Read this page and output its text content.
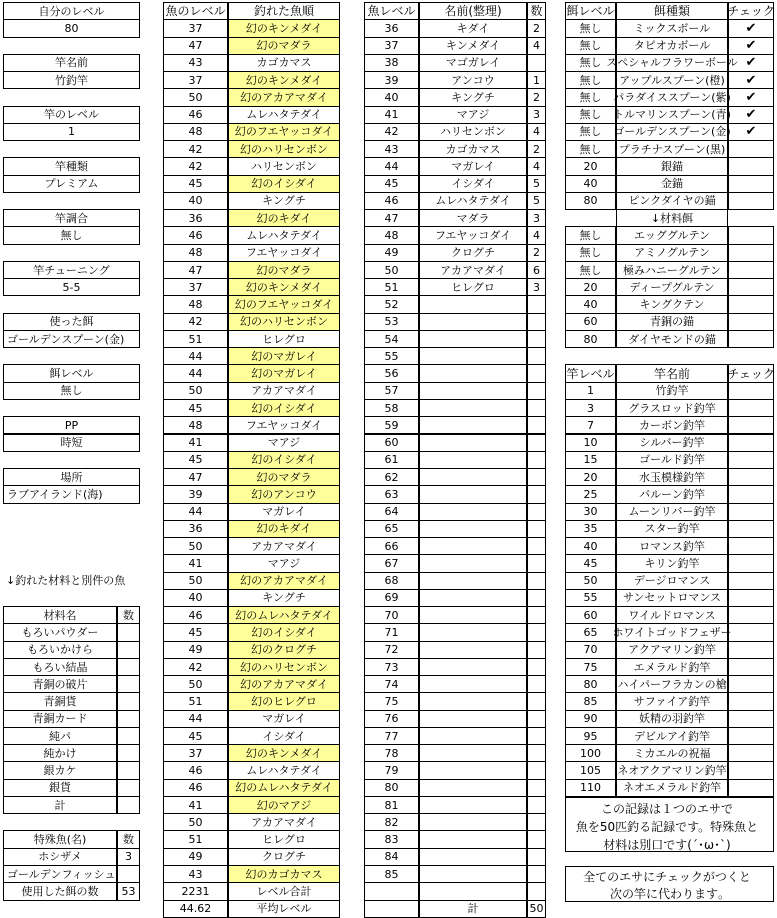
自分のレベル
80
竿名前
竹釣竿
竿のレベル
1
竿種類
プレミアム
竿調合
無し
竿チューニング
5-5
使った餌
ゴールデンスプーン(金)
餌レベル
無し
PP
時短
場所
ラブアイランド(海)
↓釣れた材料と別件の魚
材料名	数
もろいパウダー
もろいかけら
もろい結晶
青銅の破片
青銅貨
青銅カード
純パ
純かけ
銀カケ
銀貨
計
特殊魚(名)	数
ホシザメ	3
ゴールデンフィッシュ
使用した餌の数	53
魚のレベル	釣れた魚順
37	幻のキンメダイ
47	幻のマダラ
43	カゴカマス
37	幻のキンメダイ
50	幻のアカアマダイ
46	ムレハタテダイ
48	幻のフエヤッコダイ
42	幻のハリセンボン
42	ハリセンボン
45	幻のイシダイ
40	キングチ
36	幻のキダイ
46	ムレハタテダイ
48	フエヤッコダイ
47	幻のマダラ
37	幻のキンメダイ
48	幻のフエヤッコダイ
42	幻のハリセンボン
51	ヒレグロ
44	幻のマガレイ
44	幻のマガレイ
50	アカアマダイ
45	幻のイシダイ
48	フエヤッコダイ
41	マアジ
45	幻のイシダイ
47	幻のマダラ
39	幻のアンコウ
44	マガレイ
36	幻のキダイ
50	アカアマダイ
41	マアジ
50	幻のアカアマダイ
40	キングチ
46	幻のムレハタテダイ
45	幻のイシダイ
49	幻のクログチ
42	幻のハリセンボン
50	幻のアカアマダイ
51	幻のヒレグロ
44	マガレイ
45	イシダイ
37	幻のキンメダイ
46	ムレハタテダイ
46	幻のムレハタテダイ
41	幻のマアジ
50	アカアマダイ
51	ヒレグロ
49	クログチ
43	幻のカゴカマス
2231	レベル合計
44.62	平均レベル
魚レベル	名前(整理)	数
36	キダイ	2
37	キンメダイ	4
38	マゴガレイ
39	アンコウ	1
40	キングチ	2
41	マアジ	3
42	ハリセンボン	4
43	カゴカマス	2
44	マガレイ	4
45	イシダイ	5
46	ムレハタテダイ	5
47	マダラ	3
48	フエヤッコダイ	4
49	クログチ	2
50	アカアマダイ	6
51	ヒレグロ	3
52
53
54
55
56
57
58
59
60
61
62
63
64
65
66
67
68
69
70
71
72
73
74
75
76
77
78
79
80
81
82
83
84
85
計	50
餌レベル	餌種類	チェック
無し	ミックスボール	✔
無し	タピオカボール	✔
無し スペシャルフラワーボール ✔
無し	アップルスプーン(橙)	✔
無し	パラダイススプーン(紫)	✔
無し	トルマリンスプーン(青)	✔
無し	ゴールデンスプーン(金)	✔
無し	プラチナスプーン(黒)
20	銀錨
40	金錨
80	ピンクダイヤの錨
↓材料餌
無し	エッググルテン
無し	アミノグルテン
無し	極みハニーグルテン
20	ディープグルテン
40	キングクテン
60	青銅の錨
80	ダイヤモンドの錨
竿レベル	竿名前	チェック
1	竹釣竿
3	グラスロッド釣竿
7	カーボン釣竿
10	シルバー釣竿
15	ゴールド釣竿
20	水玉模様釣竿
25	バルーン釣竿
30	ムーンリバー釣竿
35	スター釣竿
40	ロマンス釣竿
45	キリン釣竿
50	デージロマンス
55	サンセットロマンス
60	ワイルドロマンス
65	ホワイトゴッドフェザー
70	アクアマリン釣竿
75	エメラルド釣竿
80	ハイパーフラカンの槍
85	サファイア釣竿
90	妖精の羽釣竿
95	デビルアイ釣竿
100	ミカエルの祝福
105	ネオアクアマリン釣竿
110	ネオエメラルド釣竿
この記録は１つのエサで
魚を50匹釣る記録です。特殊魚と
材料は別口です(´･ω･`)
全てのエサにチェックがつくと
次の竿に代わります｡
